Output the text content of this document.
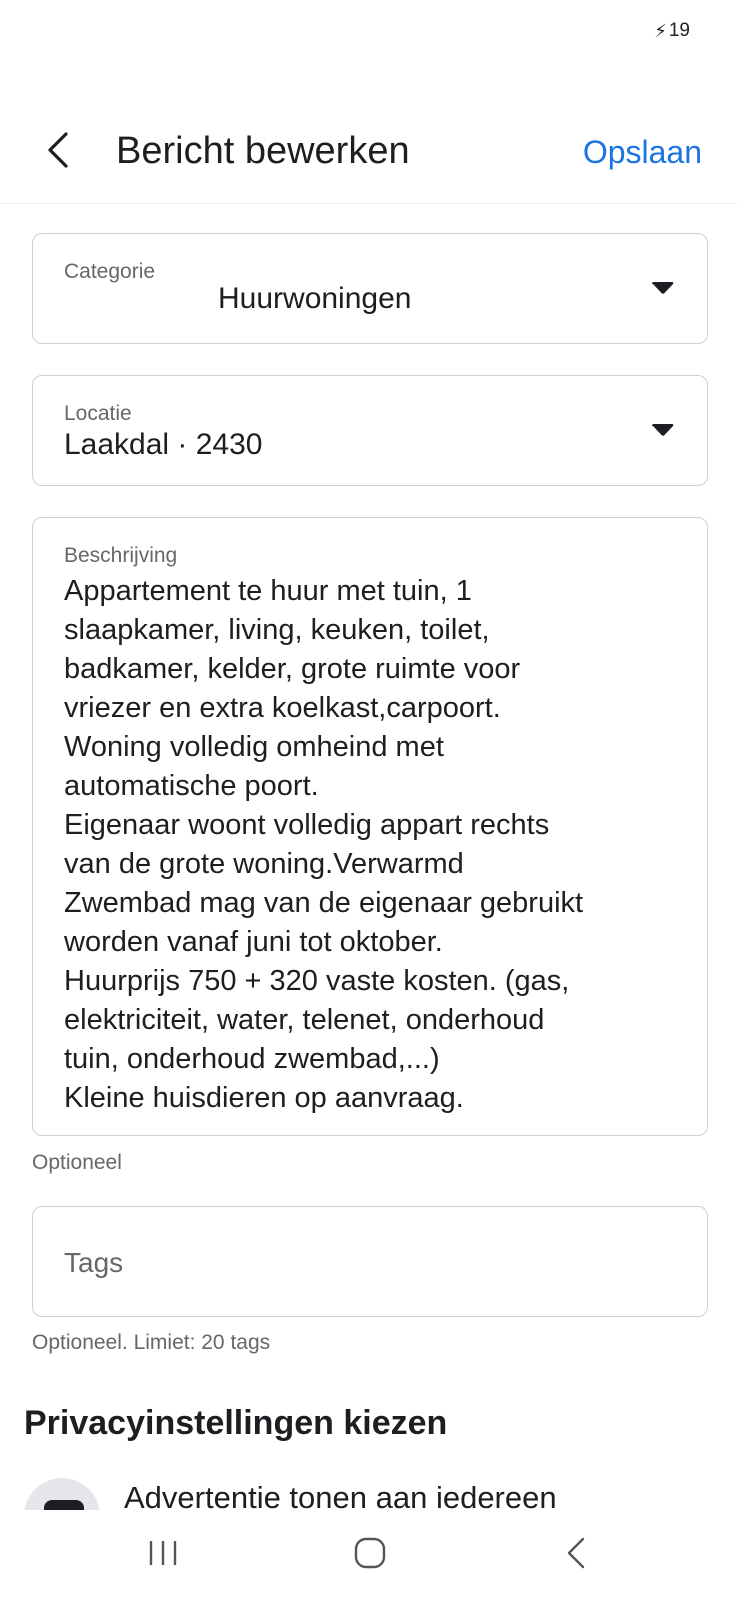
⚡ 19
Bericht bewerken	Opslaan
Categorie
Huurwoningen
Locatie
Laakdal · 2430
Beschrijving
Appartement te huur met tuin, 1
slaapkamer, living, keuken, toilet,
badkamer, kelder, grote ruimte voor
vriezer en extra koelkast,carpoort.
Woning volledig omheind met
automatische poort.
Eigenaar woont volledig appart rechts
van de grote woning.Verwarmd
Zwembad mag van de eigenaar gebruikt
worden vanaf juni tot oktober.
Huurprijs 750 + 320 vaste kosten. (gas,
elektriciteit, water, telenet, onderhoud
tuin, onderhoud zwembad,...)
Kleine huisdieren op aanvraag.
Optioneel
Tags
Optioneel. Limiet: 20 tags
Privacyinstellingen kiezen
Advertentie tonen aan iedereen
